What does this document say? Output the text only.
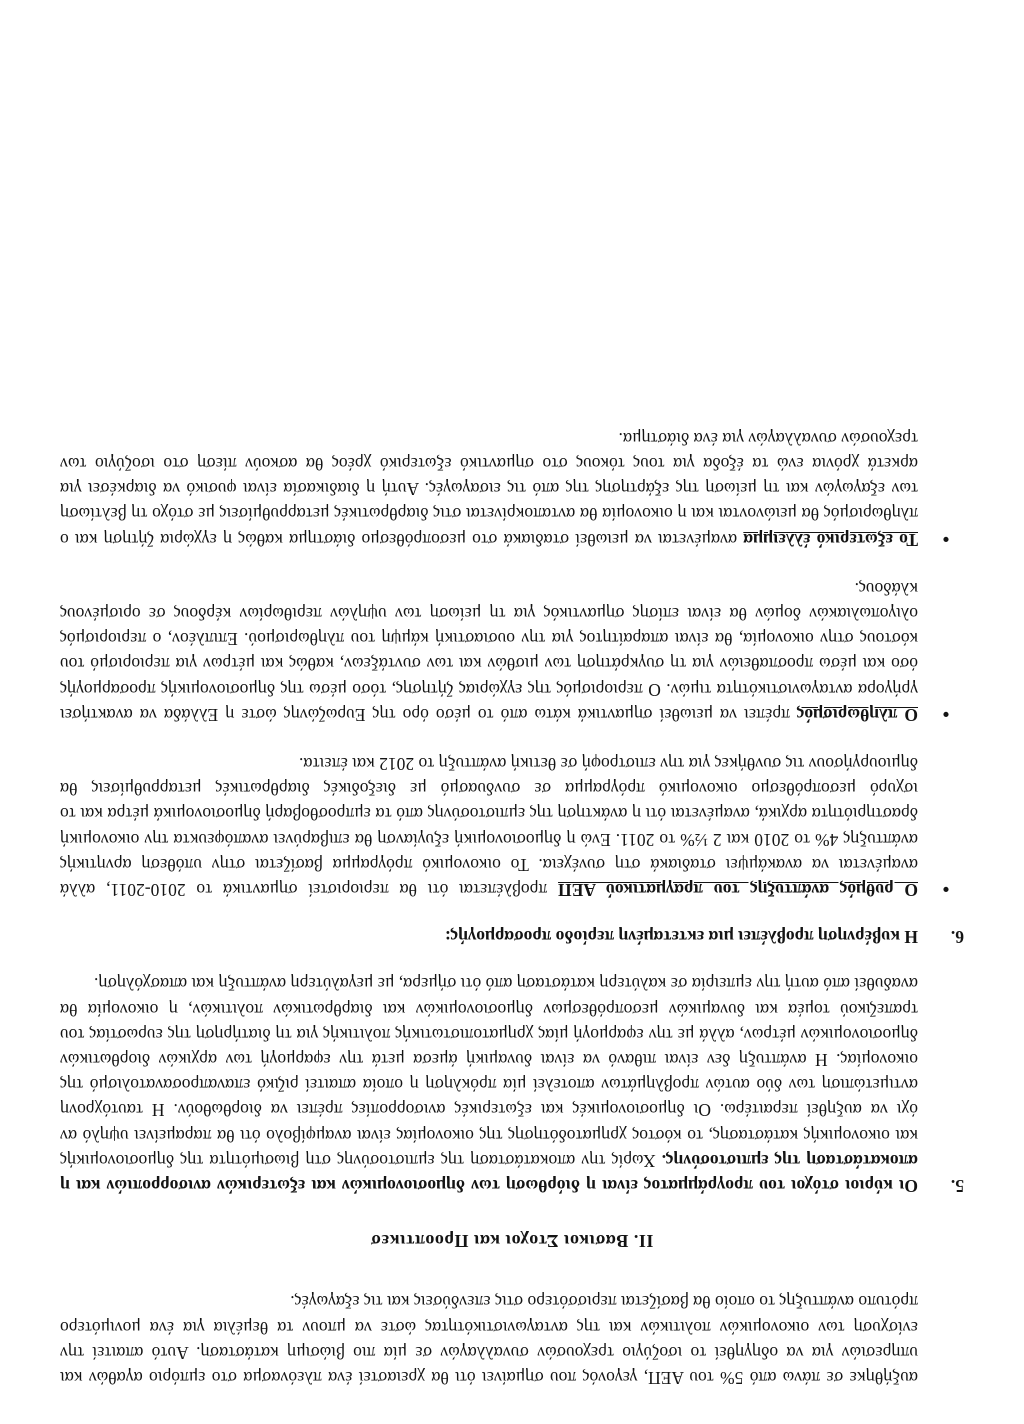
αυξήθηκε σε πάνω από 5% του ΑΕΠ, γεγονός που σημαίνει ότι θα χρειαστεί ένα πλεόνασμα στο εμπόριο αγαθών και υπηρεσιών για να οδηγηθεί το ισοζύγιο τρεχουσών συναλλαγών σε μία πιο βιώσιμη κατάσταση. Αυτό απαιτεί την ενίσχυση των οικονομικών πολιτικών και της ανταγωνιστικότητας ώστε να μπουν τα θεμέλια για ένα μονιμότερο πρότυπο ανάπτυξης το οποίο θα βασίζεται περισσότερο στις επενδύσεις και τις εξαγωγές.

II. Βασικοι Στοχοι και Προοπτικεσ
5.

Οι κύριοι στόχοι του προγράμματος είναι η διόρθωση των δημοσιονομικών και εξωτερικών ανισορροπιών και η αποκατάσταση της εμπιστοσύνης. Χωρίς την αποκατάσταση της εμπιστοσύνης στη βιωσιμότητα της δημοσιονομικής και οικονομικής κατάστασης, το κόστος χρηματοδότησης της οικονομίας είναι αναμφίβολο ότι θα παραμείνει υψηλό αν όχι να αυξηθεί περαιτέρω. Οι δημοσιονομικές και εξωτερικές ανισορροπίες πρέπει να διορθωθούν. Η ταυτόχρονη αντιμετώπιση των δύο αυτών προβλημάτων αποτελεί μία πρόκληση η οποία απαιτεί ριζικό επαναπροσανατολισμό της οικονομίας. Η ανάπτυξη δεν είναι πιθανό να είναι δυναμική άμεσα μετά την εφαρμογή των αρχικών διορθωτικών δημοσιονομικών μέτρων, αλλά με την εφαρμογή μίας χρηματοπιστωτικής πολιτικής για τη διατήρηση της ευρωστίας του τραπεζικού τομέα και δυναμικών μεσοπρόθεσμων δημοσιονομικών και διαρθρωτικών πολιτικών, η οικονομία θα αναδυθεί από αυτή την εμπειρία σε καλύτερη κατάσταση από ότι σήμερα, με μεγαλύτερη ανάπτυξη και απασχόληση.

6.

Η κυβέρνηση προβλέπει μια εκτεταμένη περίοδο προσαρμογής:

●

Ο ρυθμός ανάπτυξης του πραγματικού ΑΕΠ προβλέπεται ότι θα περιοριστεί σημαντικά το 2010-2011, αλλά αναμένεται να ανακάμψει σταδιακά στη συνέχεια. Το οικονομικό πρόγραμμα βασίζεται στην υπόθεση αρνητικής ανάπτυξης 4% το 2010 και 2 ½% το 2011. Ενώ η δημοσιονομική εξυγίανση θα επιβαρύνει αναπόφευκτα την οικονομική δραστηριότητα αρχικά, αναμένεται ότι η ανάκτηση της εμπιστοσύνης από τα εμπροσθοβαρή δημοσιονομικά μέτρα και το ισχυρό μεσοπρόθεσμο οικονομικό πρόγραμμα σε συνδυασμό με διεξοδικές διαρθρωτικές μεταρρυθμίσεις θα δημιουργήσουν τις συνθήκες για την επιστροφή σε θετική ανάπτυξη το 2012 και έπειτα.

●

Ο πληθωρισμός πρέπει να μειωθεί σημαντικά κάτω από το μέσο όρο της Ευρωζώνης ώστε η Ελλάδα να ανακτήσει γρήγορα ανταγωνιστικότητα τιμών. Ο περιορισμός της εγχώριας ζήτησης, τόσο μέσω της δημοσιονομικής προσαρμογής όσο και μέσω προσπαθειών για τη συγκράτηση των μισθών και των συντάξεων, καθώς και μέτρων για περιορισμό του κόστους στην οικονομία, θα είναι απαραίτητος για την ουσιαστική κάμψη του πληθωρισμού. Επιπλέον, ο περιορισμός ολιγοπωλιακών δομών θα είναι επίσης σημαντικός για τη μείωση των υψηλών περιθωρίων κέρδους σε ορισμένους κλάδους.

●

Το εξωτερικό έλλειμμα αναμένεται να μειωθεί σταδιακά στο μεσοπρόθεσμο διάστημα καθώς η εγχώρια ζήτηση και ο πληθωρισμός θα μειώνονται και η οικονομία θα ανταποκρίνεται στις διαρθρωτικές μεταρρυθμίσεις με στόχο τη βελτίωση των εξαγωγών και τη μείωση της εξάρτησης της από τις εισαγωγές. Αυτή η διαδικασία είναι φυσικό να διαρκέσει για αρκετά χρόνια ενώ τα έξοδα για τους τόκους στο σημαντικό εξωτερικό χρέος θα ασκούν πίεση στο ισοζύγιο των τρεχουσών συναλλαγών για ένα διάστημα.
